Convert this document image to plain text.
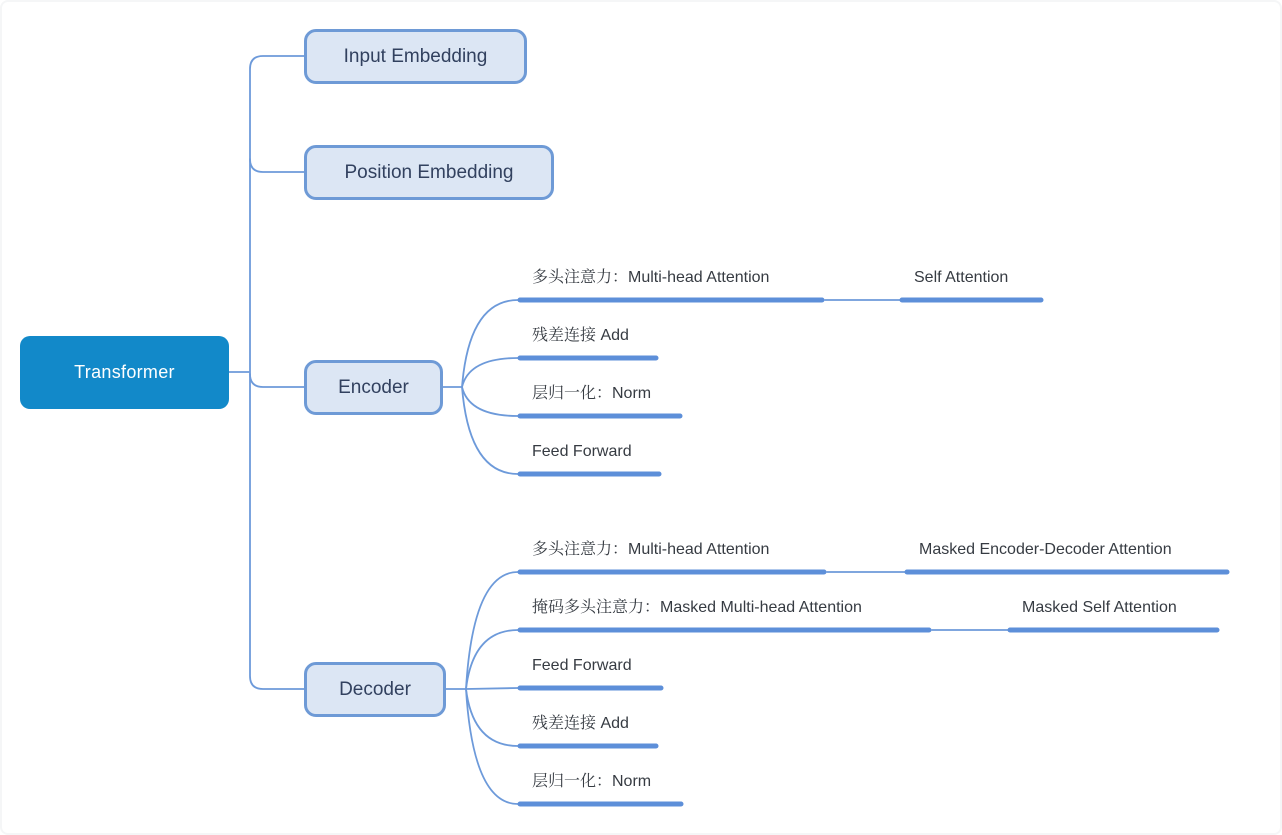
Transformer
Input Embedding
Position Embedding
Encoder
Decoder
多头注意力：Multi-head Attention	Self Attention
残差连接 Add
层归一化：Norm
Feed Forward
多头注意力：Multi-head Attention	Masked Encoder-Decoder Attention
掩码多头注意力：Masked Multi-head Attention	Masked Self Attention
Feed Forward
残差连接 Add
层归一化：Norm
